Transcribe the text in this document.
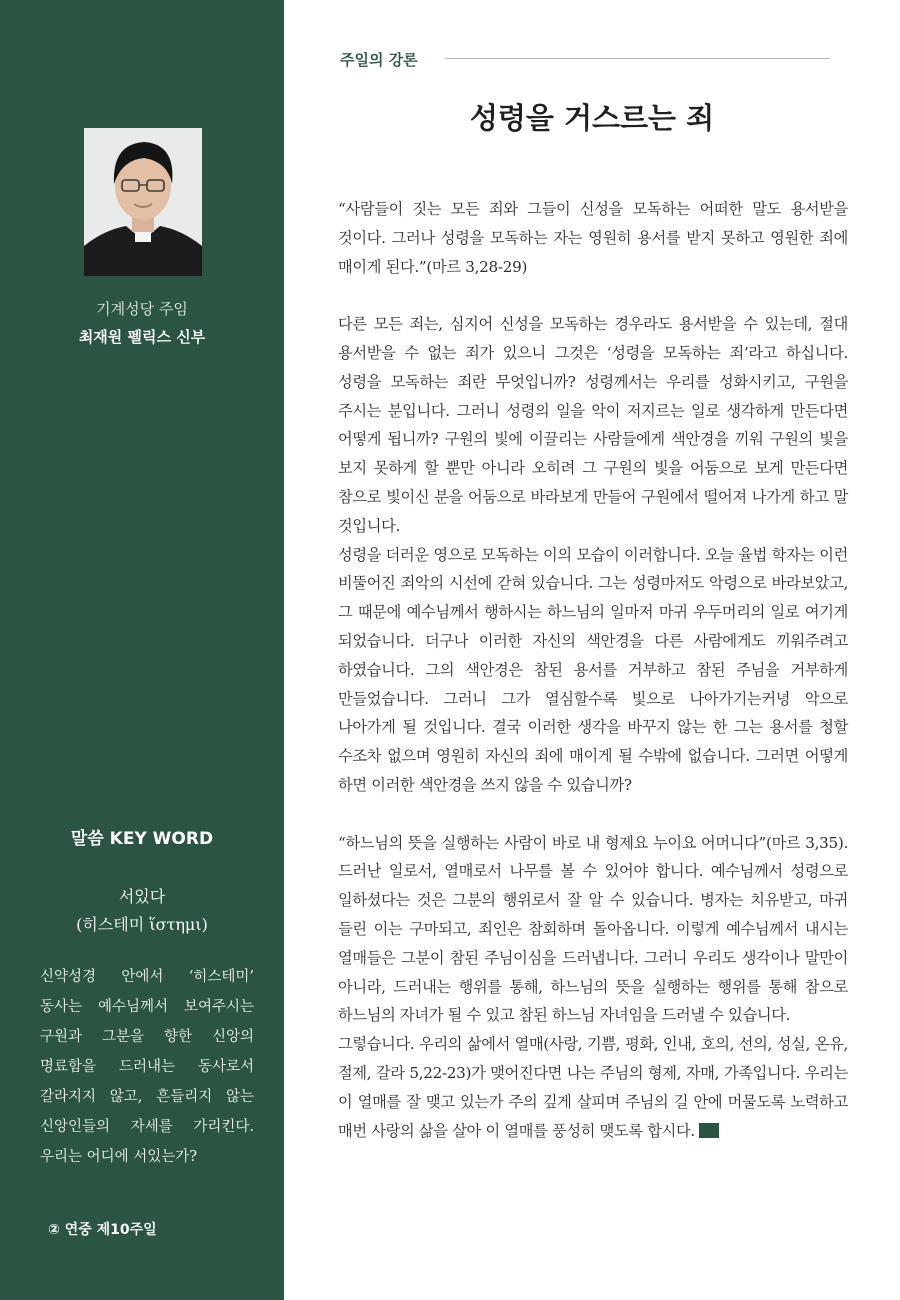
기계성당 주임
최재원 펠릭스 신부
말씀 KEY WORD
서있다
(히스테미 ἵστημι)
신약성경 안에서 ‘히스테미’ 동사는 예수님께서 보여주시는 구원과 그분을 향한 신앙의 명료함을 드러내는 동사로서 갈라지지 않고, 흔들리지 않는 신앙인들의 자세를 가리킨다. 우리는 어디에 서있는가?
② 연중 제10주일
주일의 강론
성령을 거스르는 죄

“사람들이 짓는 모든 죄와 그들이 신성을 모독하는 어떠한 말도 용서받을 것이다. 그러나 성령을 모독하는 자는 영원히 용서를 받지 못하고 영원한 죄에 매이게 된다.”(마르 3,28-29)

다른 모든 죄는, 심지어 신성을 모독하는 경우라도 용서받을 수 있는데, 절대 용서받을 수 없는 죄가 있으니 그것은 ‘성령을 모독하는 죄’라고 하십니다. 성령을 모독하는 죄란 무엇입니까? 성령께서는 우리를 성화시키고, 구원을 주시는 분입니다. 그러니 성령의 일을 악이 저지르는 일로 생각하게 만든다면 어떻게 됩니까? 구원의 빛에 이끌리는 사람들에게 색안경을 끼워 구원의 빛을 보지 못하게 할 뿐만 아니라 오히려 그 구원의 빛을 어둠으로 보게 만든다면 참으로 빛이신 분을 어둠으로 바라보게 만들어 구원에서 떨어져 나가게 하고 말 것입니다.

성령을 더러운 영으로 모독하는 이의 모습이 이러합니다. 오늘 율법 학자는 이런 비뚤어진 죄악의 시선에 갇혀 있습니다. 그는 성령마저도 악령으로 바라보았고, 그 때문에 예수님께서 행하시는 하느님의 일마저 마귀 우두머리의 일로 여기게 되었습니다. 더구나 이러한 자신의 색안경을 다른 사람에게도 끼워주려고 하였습니다. 그의 색안경은 참된 용서를 거부하고 참된 주님을 거부하게 만들었습니다. 그러니 그가 열심할수록 빛으로 나아가기는커녕 악으로 나아가게 될 것입니다. 결국 이러한 생각을 바꾸지 않는 한 그는 용서를 청할 수조차 없으며 영원히 자신의 죄에 매이게 될 수밖에 없습니다. 그러면 어떻게 하면 이러한 색안경을 쓰지 않을 수 있습니까?

“하느님의 뜻을 실행하는 사람이 바로 내 형제요 누이요 어머니다”(마르 3,35). 드러난 일로서, 열매로서 나무를 볼 수 있어야 합니다. 예수님께서 성령으로 일하셨다는 것은 그분의 행위로서 잘 알 수 있습니다. 병자는 치유받고, 마귀 들린 이는 구마되고, 죄인은 참회하며 돌아옵니다. 이렇게 예수님께서 내시는 열매들은 그분이 참된 주님이심을 드러냅니다. 그러니 우리도 생각이나 말만이 아니라, 드러내는 행위를 통해, 하느님의 뜻을 실행하는 행위를 통해 참으로 하느님의 자녀가 될 수 있고 참된 하느님 자녀임을 드러낼 수 있습니다.

그렇습니다. 우리의 삶에서 열매(사랑, 기쁨, 평화, 인내, 호의, 선의, 성실, 온유, 절제, 갈라 5,22-23)가 맺어진다면 나는 주님의 형제, 자매, 가족입니다. 우리는 이 열매를 잘 맺고 있는가 주의 깊게 살피며 주님의 길 안에 머물도록 노력하고 매번 사랑의 삶을 살아 이 열매를 풍성히 맺도록 합시다.
